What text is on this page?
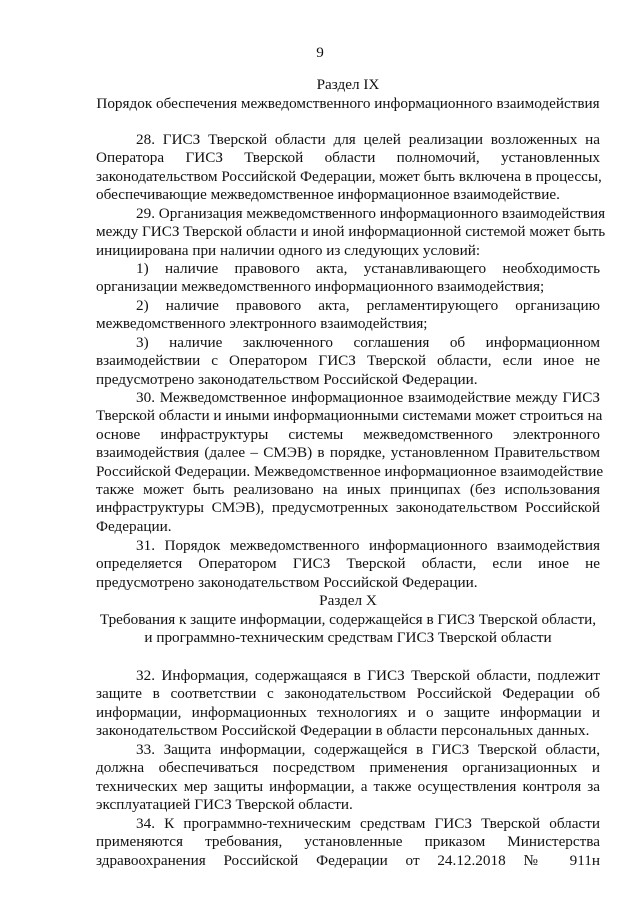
9
Раздел IX
Порядок обеспечения межведомственного информационного взаимодействия
28. ГИСЗ Тверской области для целей реализации возложенных на
Оператора ГИСЗ Тверской области полномочий, установленных
законодательством Российской Федерации, может быть включена в процессы,
обеспечивающие межведомственное информационное взаимодействие.
29. Организация межведомственного информационного взаимодействия
между ГИСЗ Тверской области и иной информационной системой может быть
инициирована при наличии одного из следующих условий:
1) наличие правового акта, устанавливающего необходимость
организации межведомственного информационного взаимодействия;
2) наличие правового акта, регламентирующего организацию
межведомственного электронного взаимодействия;
3) наличие заключенного соглашения об информационном
взаимодействии с Оператором ГИСЗ Тверской области, если иное не
предусмотрено законодательством Российской Федерации.
30. Межведомственное информационное взаимодействие между ГИСЗ
Тверской области и иными информационными системами может строиться на
основе инфраструктуры системы межведомственного электронного
взаимодействия (далее – СМЭВ) в порядке, установленном Правительством
Российской Федерации. Межведомственное информационное взаимодействие
также может быть реализовано на иных принципах (без использования
инфраструктуры СМЭВ), предусмотренных законодательством Российской
Федерации.
31. Порядок межведомственного информационного взаимодействия
определяется Оператором ГИСЗ Тверской области, если иное не
предусмотрено законодательством Российской Федерации.
Раздел X
Требования к защите информации, содержащейся в ГИСЗ Тверской области,
и программно-техническим средствам ГИСЗ Тверской области
32. Информация, содержащаяся в ГИСЗ Тверской области, подлежит
защите в соответствии с законодательством Российской Федерации об
информации, информационных технологиях и о защите информации и
законодательством Российской Федерации в области персональных данных.
33. Защита информации, содержащейся в ГИСЗ Тверской области,
должна обеспечиваться посредством применения организационных и
технических мер защиты информации, а также осуществления контроля за
эксплуатацией ГИСЗ Тверской области.
34. К программно-техническим средствам ГИСЗ Тверской области
применяются требования, установленные приказом Министерства
здравоохранения Российской Федерации от 24.12.2018 № 911н
